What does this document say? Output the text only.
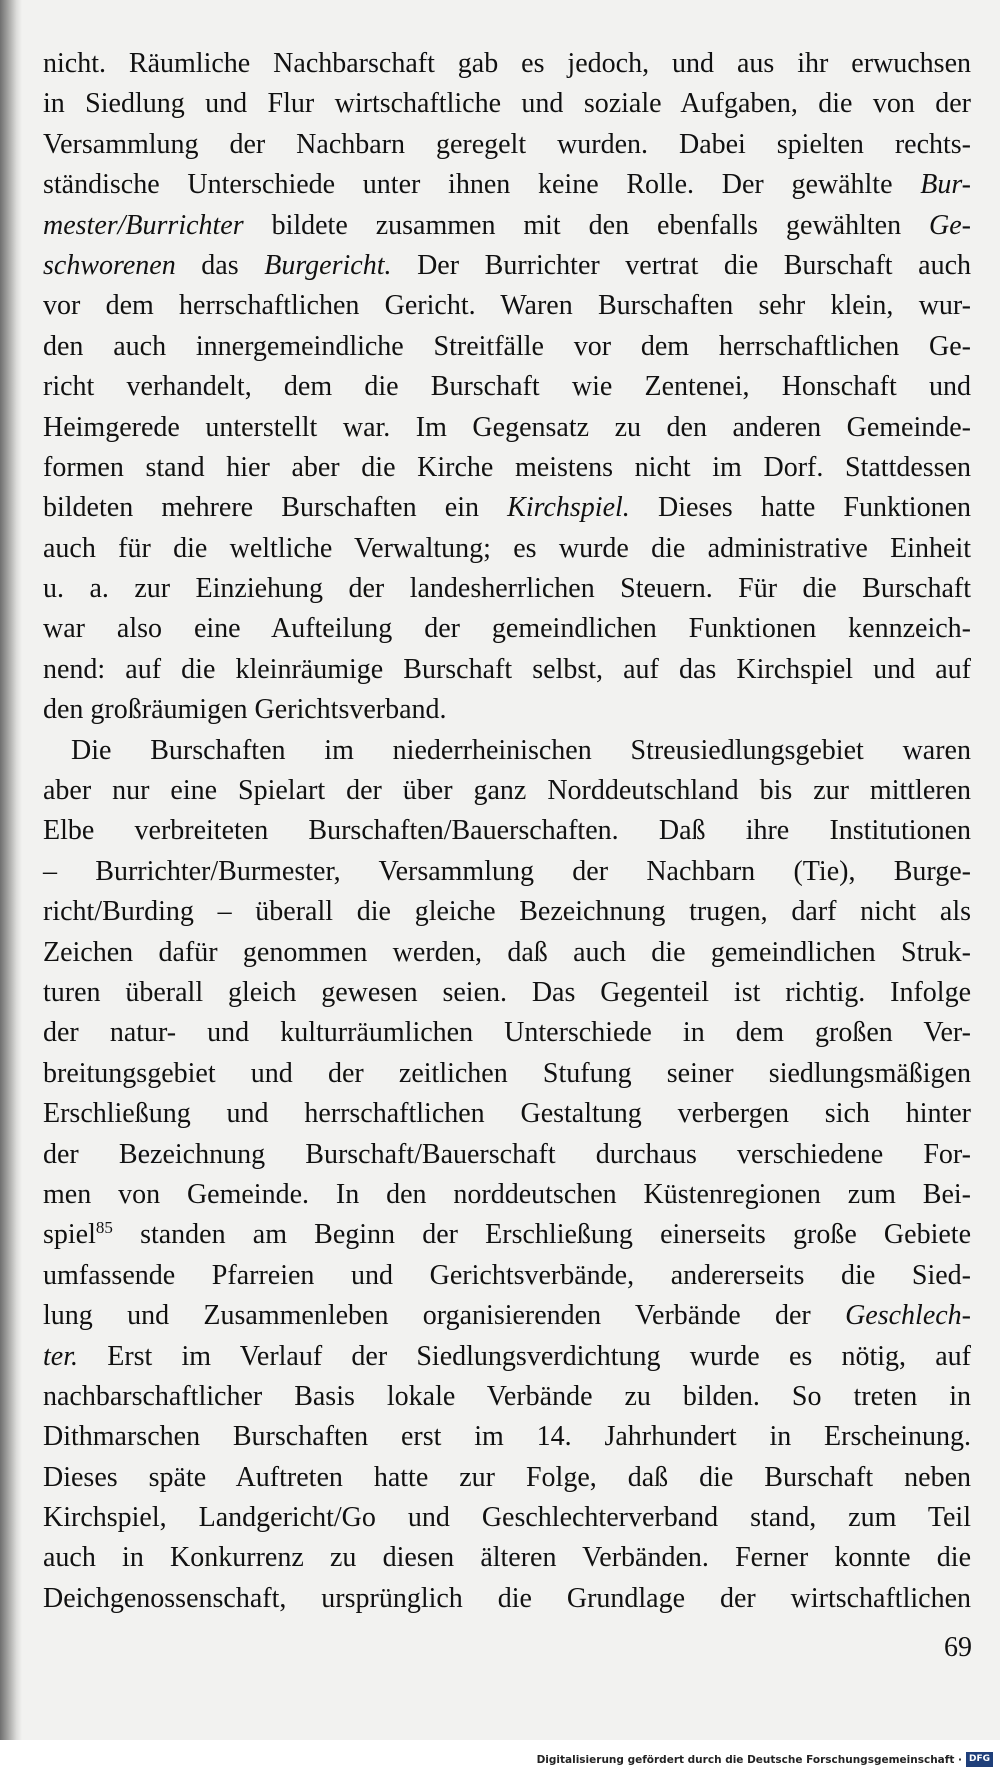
nicht. Räumliche Nachbarschaft gab es jedoch, und aus ihr erwuchsen
in Siedlung und Flur wirtschaftliche und soziale Aufgaben, die von der
Versammlung der Nachbarn geregelt wurden. Dabei spielten rechts-
ständische Unterschiede unter ihnen keine Rolle. Der gewählte Bur-
mester/Burrichter bildete zusammen mit den ebenfalls gewählten Ge-
schworenen das Burgericht. Der Burrichter vertrat die Burschaft auch
vor dem herrschaftlichen Gericht. Waren Burschaften sehr klein, wur-
den auch innergemeindliche Streitfälle vor dem herrschaftlichen Ge-
richt verhandelt, dem die Burschaft wie Zentenei, Honschaft und
Heimgerede unterstellt war. Im Gegensatz zu den anderen Gemeinde-
formen stand hier aber die Kirche meistens nicht im Dorf. Stattdessen
bildeten mehrere Burschaften ein Kirchspiel. Dieses hatte Funktionen
auch für die weltliche Verwaltung; es wurde die administrative Einheit
u. a. zur Einziehung der landesherrlichen Steuern. Für die Burschaft
war also eine Aufteilung der gemeindlichen Funktionen kennzeich-
nend: auf die kleinräumige Burschaft selbst, auf das Kirchspiel und auf
den großräumigen Gerichtsverband.
Die Burschaften im niederrheinischen Streusiedlungsgebiet waren
aber nur eine Spielart der über ganz Norddeutschland bis zur mittleren
Elbe verbreiteten Burschaften/Bauerschaften. Daß ihre Institutionen
– Burrichter/Burmester, Versammlung der Nachbarn (Tie), Burge-
richt/Burding – überall die gleiche Bezeichnung trugen, darf nicht als
Zeichen dafür genommen werden, daß auch die gemeindlichen Struk-
turen überall gleich gewesen seien. Das Gegenteil ist richtig. Infolge
der natur- und kulturräumlichen Unterschiede in dem großen Ver-
breitungsgebiet und der zeitlichen Stufung seiner siedlungsmäßigen
Erschließung und herrschaftlichen Gestaltung verbergen sich hinter
der Bezeichnung Burschaft/Bauerschaft durchaus verschiedene For-
men von Gemeinde. In den norddeutschen Küstenregionen zum Bei-
spiel$^{85}$ standen am Beginn der Erschließung einerseits große Gebiete
umfassende Pfarreien und Gerichtsverbände, andererseits die Sied-
lung und Zusammenleben organisierenden Verbände der Geschlech-
ter. Erst im Verlauf der Siedlungsverdichtung wurde es nötig, auf
nachbarschaftlicher Basis lokale Verbände zu bilden. So treten in
Dithmarschen Burschaften erst im 14. Jahrhundert in Erscheinung.
Dieses späte Auftreten hatte zur Folge, daß die Burschaft neben
Kirchspiel, Landgericht/Go und Geschlechterverband stand, zum Teil
auch in Konkurrenz zu diesen älteren Verbänden. Ferner konnte die
Deichgenossenschaft, ursprünglich die Grundlage der wirtschaftlichen
69
Digitalisierung gefördert durch die Deutsche Forschungsgemeinschaft · DFG
